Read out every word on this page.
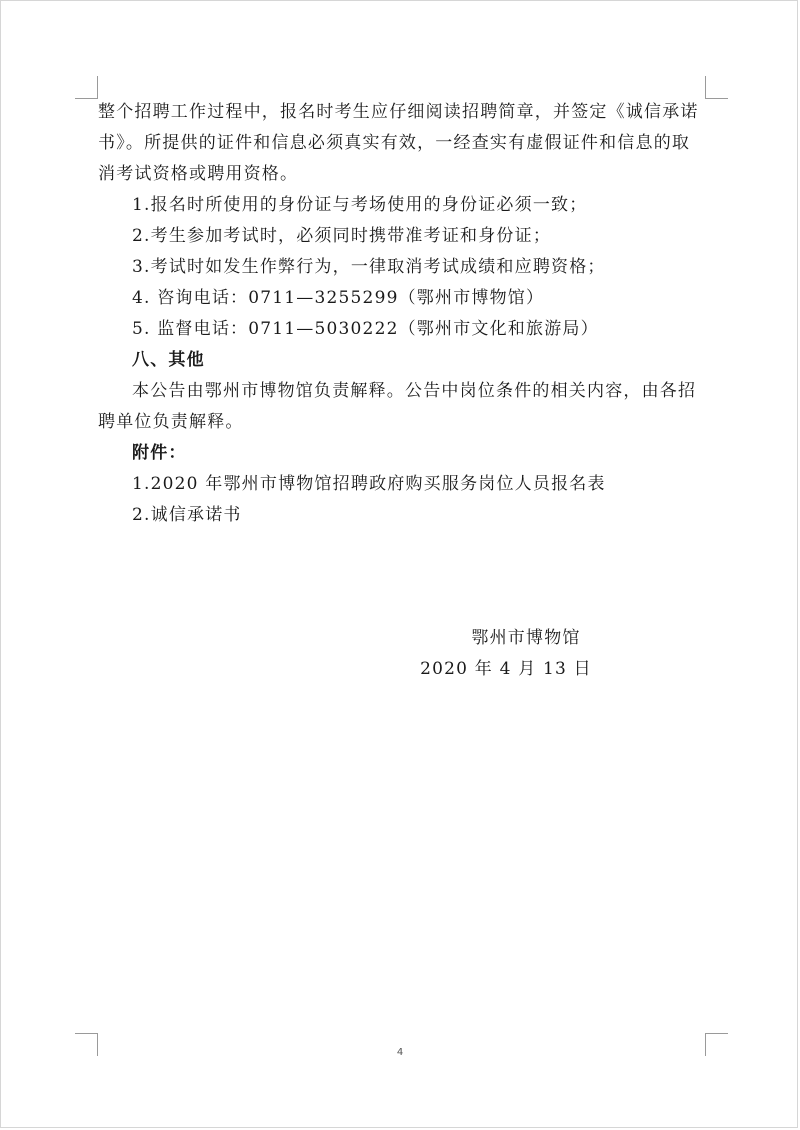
整个招聘工作过程中，报名时考生应仔细阅读招聘简章，并签定《诚信承诺书》。所提供的证件和信息必须真实有效，一经查实有虚假证件和信息的取消考试资格或聘用资格。

1.报名时所使用的身份证与考场使用的身份证必须一致；

2.考生参加考试时，必须同时携带准考证和身份证；

3.考试时如发生作弊行为，一律取消考试成绩和应聘资格；

4. 咨询电话：0711—3255299（鄂州市博物馆）

5. 监督电话：0711—5030222（鄂州市文化和旅游局）

八、其他

本公告由鄂州市博物馆负责解释。公告中岗位条件的相关内容，由各招聘单位负责解释。

附件：

1.2020 年鄂州市博物馆招聘政府购买服务岗位人员报名表

2.诚信承诺书

鄂州市博物馆

2020 年 4 月 13 日

4
